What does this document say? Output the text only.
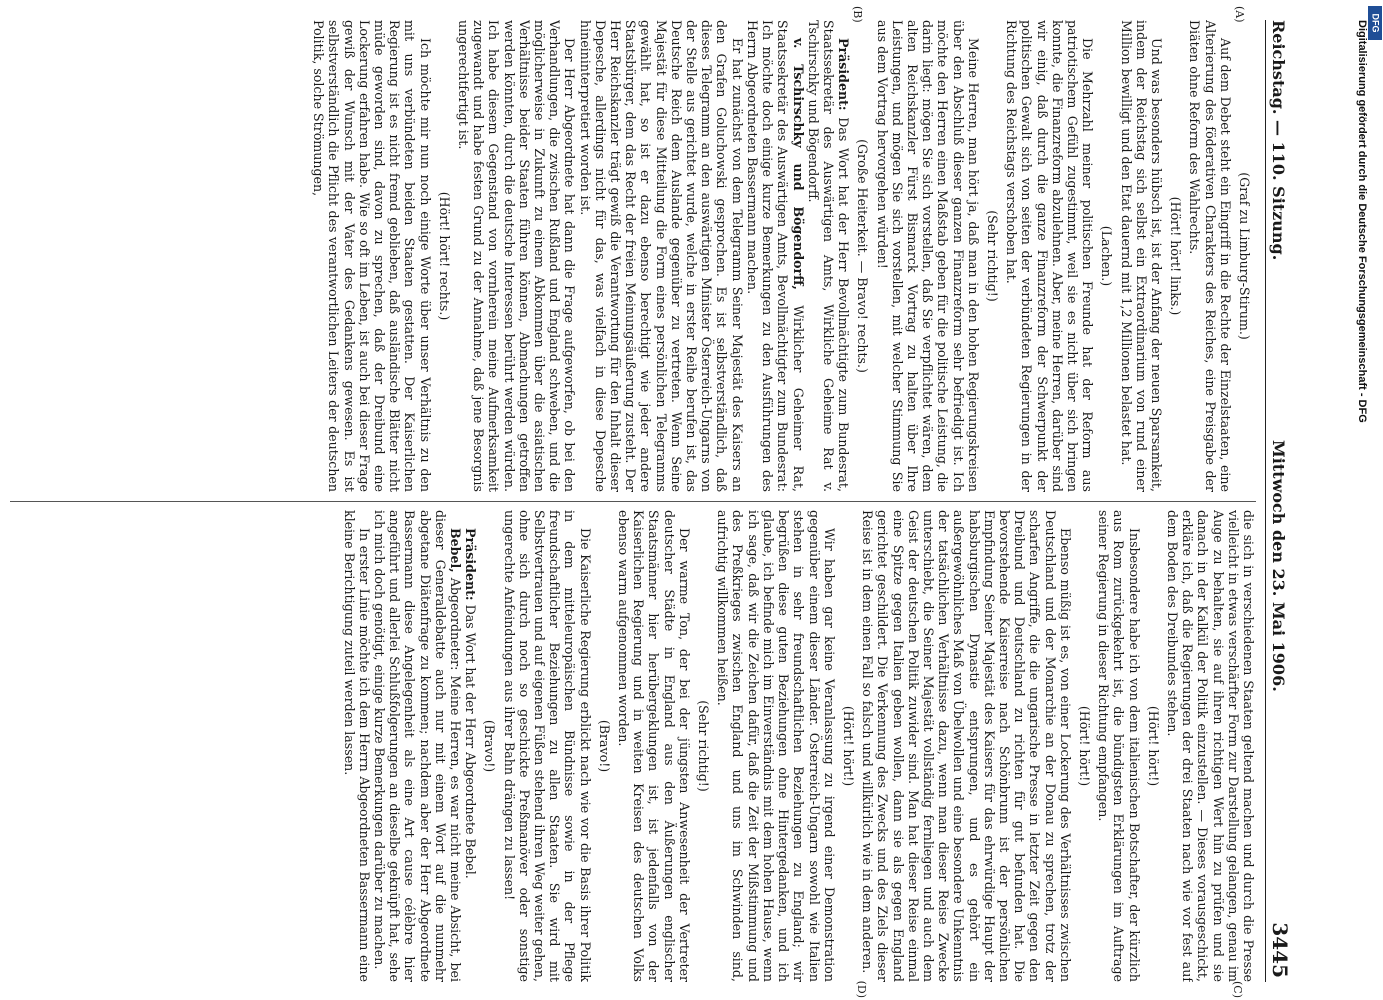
Reichstag. — 110. Sitzung.
Mittwoch den 23. Mai 1906.
3445
(A)
(B)
(C)
(D)

(Graf zu Limburg-Stirum.)

Auf dem Debet steht ein Eingriff in die Rechte der Einzelstaaten, eine Alterierung des föderativen Charakters des Reiches, eine Preisgabe der Diäten ohne Reform des Wahlrechts.

(Hört! hört! links.)

Und was besonders hübsch ist, ist der Anfang der neuen Sparsamkeit, indem der Reichstag sich selbst ein Extraordinarium von rund einer Million bewilligt und den Etat dauernd mit 1,2 Millionen belastet hat.

(Lachen.)

Die Mehrzahl meiner politischen Freunde hat der Reform aus patriotischem Gefühl zugestimmt, weil sie es nicht über sich bringen konnte, die Finanzreform abzulehnen. Aber, meine Herren, darüber sind wir einig, daß durch die ganze Finanzreform der Schwerpunkt der politischen Gewalt sich von seiten der verbündeten Regierungen in der Richtung des Reichstags verschoben hat.

(Sehr richtig!)

Meine Herren, man hört ja, daß man in den hohen Regierungskreisen über den Abschluß dieser ganzen Finanzreform sehr befriedigt ist. Ich möchte den Herren einen Maßstab geben für die politische Leistung, die darin liegt: mögen Sie sich vorstellen, daß Sie verpflichtet wären, dem alten Reichskanzler Fürst Bismarck Vortrag zu halten über Ihre Leistungen, und mögen Sie sich vorstellen, mit welcher Stimmung Sie aus dem Vortrag hervorgehen würden!

(Große Heiterkeit. — Bravo! rechts.)

Präsident: Das Wort hat der Herr Bevollmächtigte zum Bundesrat, Staatssekretär des Auswärtigen Amts, Wirkliche Geheime Rat v. Tschirschky und Bögendorff.

v. Tschirschky und Bögendorff, Wirklicher Geheimer Rat, Staatssekretär des Auswärtigen Amts, Bevollmächtigter zum Bundesrat: Ich möchte doch einige kurze Bemerkungen zu den Ausführungen des Herrn Abgeordneten Bassermann machen.

Er hat zunächst von dem Telegramm Seiner Majestät des Kaisers an den Grafen Goluchowski gesprochen. Es ist selbstverständlich, daß dieses Telegramm an den auswärtigen Minister Österreich-Ungarns von der Stelle aus gerichtet wurde, welche in erster Reihe berufen ist, das Deutsche Reich dem Auslande gegenüber zu vertreten. Wenn Seine Majestät für diese Mitteilung die Form eines persönlichen Telegramms gewählt hat, so ist er dazu ebenso berechtigt wie jeder andere Staatsbürger, dem das Recht der freien Meinungsäußerung zusteht. Der Herr Reichskanzler trägt gewiß die Verantwortung für den Inhalt dieser Depesche, allerdings nicht für das, was vielfach in diese Depesche hineininterpretiert worden ist.

Der Herr Abgeordnete hat dann die Frage aufgeworfen, ob bei den Verhandlungen, die zwischen Rußland und England schweben, und die möglicherweise in Zukunft zu einem Abkommen über die asiatischen Verhältnisse beider Staaten führen können, Abmachungen getroffen werden könnten, durch die deutsche Interessen berührt werden würden. Ich habe diesem Gegenstand von vornherein meine Aufmerksamkeit zugewandt und habe festen Grund zu der Annahme, daß jene Besorgnis ungerechtfertigt ist.

(Hört! hört! rechts.)

Ich möchte mir nun noch einige Worte über unser Verhältnis zu den mit uns verbündeten beiden Staaten gestatten. Der Kaiserlichen Regierung ist es nicht fremd geblieben, daß ausländische Blätter nicht müde geworden sind, davon zu sprechen, daß der Dreibund eine Lockerung erfahren habe. Wie so oft im Leben, ist auch bei dieser Frage gewiß der Wunsch mit der Vater des Gedankens gewesen. Es ist selbstverständlich die Pflicht des verantwortlichen Leiters der deutschen Politik, solche Strömungen,

die sich in verschiedenen Staaten geltend machen und durch die Presse vielleicht in etwas verschärfter Form zur Darstellung gelangen, genau im Auge zu behalten, sie auf ihren richtigen Wert hin zu prüfen und sie danach in der Kalkül der Politik einzustellen. — Dieses vorausgeschickt, erkläre ich, daß die Regierungen der drei Staaten nach wie vor fest auf dem Boden des Dreibundes stehen.

(Hört! hört!)

Insbesondere habe ich von dem italienischen Botschafter, der kürzlich aus Rom zurückgekehrt ist, die bündigsten Erklärungen im Auftrage seiner Regierung in dieser Richtung empfangen.

(Hört! hört!)

Ebenso müßig ist es, von einer Lockerung des Verhältnisses zwischen Deutschland und der Monarchie an der Donau zu sprechen, trotz der scharfen Angriffe, die die ungarische Presse in letzter Zeit gegen den Dreibund und Deutschland zu richten für gut befunden hat. Die bevorstehende Kaiserreise nach Schönbrunn ist der persönlichen Empfindung Seiner Majestät des Kaisers für das ehrwürdige Haupt der habsburgischen Dynastie entsprungen, und es gehört ein außergewöhnliches Maß von Übelwollen und eine besondere Unkenntnis der tatsächlichen Verhältnisse dazu, wenn man dieser Reise Zwecke unterschiebt, die Seiner Majestät vollständig fernliegen und auch dem Geist der deutschen Politik zuwider sind. Man hat dieser Reise einmal eine Spitze gegen Italien geben wollen, dann sie als gegen England gerichtet geschildert. Die Verkennung des Zwecks und des Ziels dieser Reise ist in dem einen Fall so falsch und willkürlich wie in dem anderen.

(Hört! hört!)

Wir haben gar keine Veranlassung zu irgend einer Demonstration gegenüber einem dieser Länder. Österreich-Ungarn sowohl wie Italien stehen in sehr freundschaftlichen Beziehungen zu England; wir begrüßen diese guten Beziehungen ohne Hintergedanken, und ich glaube, ich befinde mich im Einverständnis mit dem hohen Hause, wenn ich sage, daß wir die Zeichen dafür, daß die Zeit der Mißstimmung und des Preßkrieges zwischen England und uns im Schwinden sind, aufrichtig willkommen heißen.

(Sehr richtig!)

Der warme Ton, der bei der jüngsten Anwesenheit der Vertreter deutscher Städte in England aus den Äußerungen englischer Staatsmänner hier herübergeklungen ist, ist jedenfalls von der Kaiserlichen Regierung und in weiten Kreisen des deutschen Volks ebenso warm aufgenommen worden.

(Bravo!)

Die Kaiserliche Regierung erblickt nach wie vor die Basis ihrer Politik in dem mitteleuropäischen Bündnisse sowie in der Pflege freundschaftlicher Beziehungen zu allen Staaten. Sie wird mit Selbstvertrauen und auf eigenen Füßen stehend ihren Weg weiter gehen, ohne sich durch noch so geschickte Preßmanöver oder sonstige ungerechte Anfeindungen aus ihrer Bahn drängen zu lassen!

(Bravo!)

Präsident: Das Wort hat der Herr Abgeordnete Bebel.

Bebel, Abgeordneter: Meine Herren, es war nicht meine Absicht, bei dieser Generaldebatte auch nur mit einem Wort auf die nunmehr abgetane Diätenfrage zu kommen; nachdem aber der Herr Abgeordnete Bassermann diese Angelegenheit als eine Art cause célèbre hier angeführt und allerlei Schlußfolgerungen an dieselbe geknüpft hat, sehe ich mich doch genötigt, einige kurze Bemerkungen darüber zu machen.

In erster Linie möchte ich dem Herrn Abgeordneten Bassermann eine kleine Berichtigung zuteil werden lassen.

DFG
Digitalisierung gefördert durch die Deutsche Forschungsgemeinschaft - DFG
